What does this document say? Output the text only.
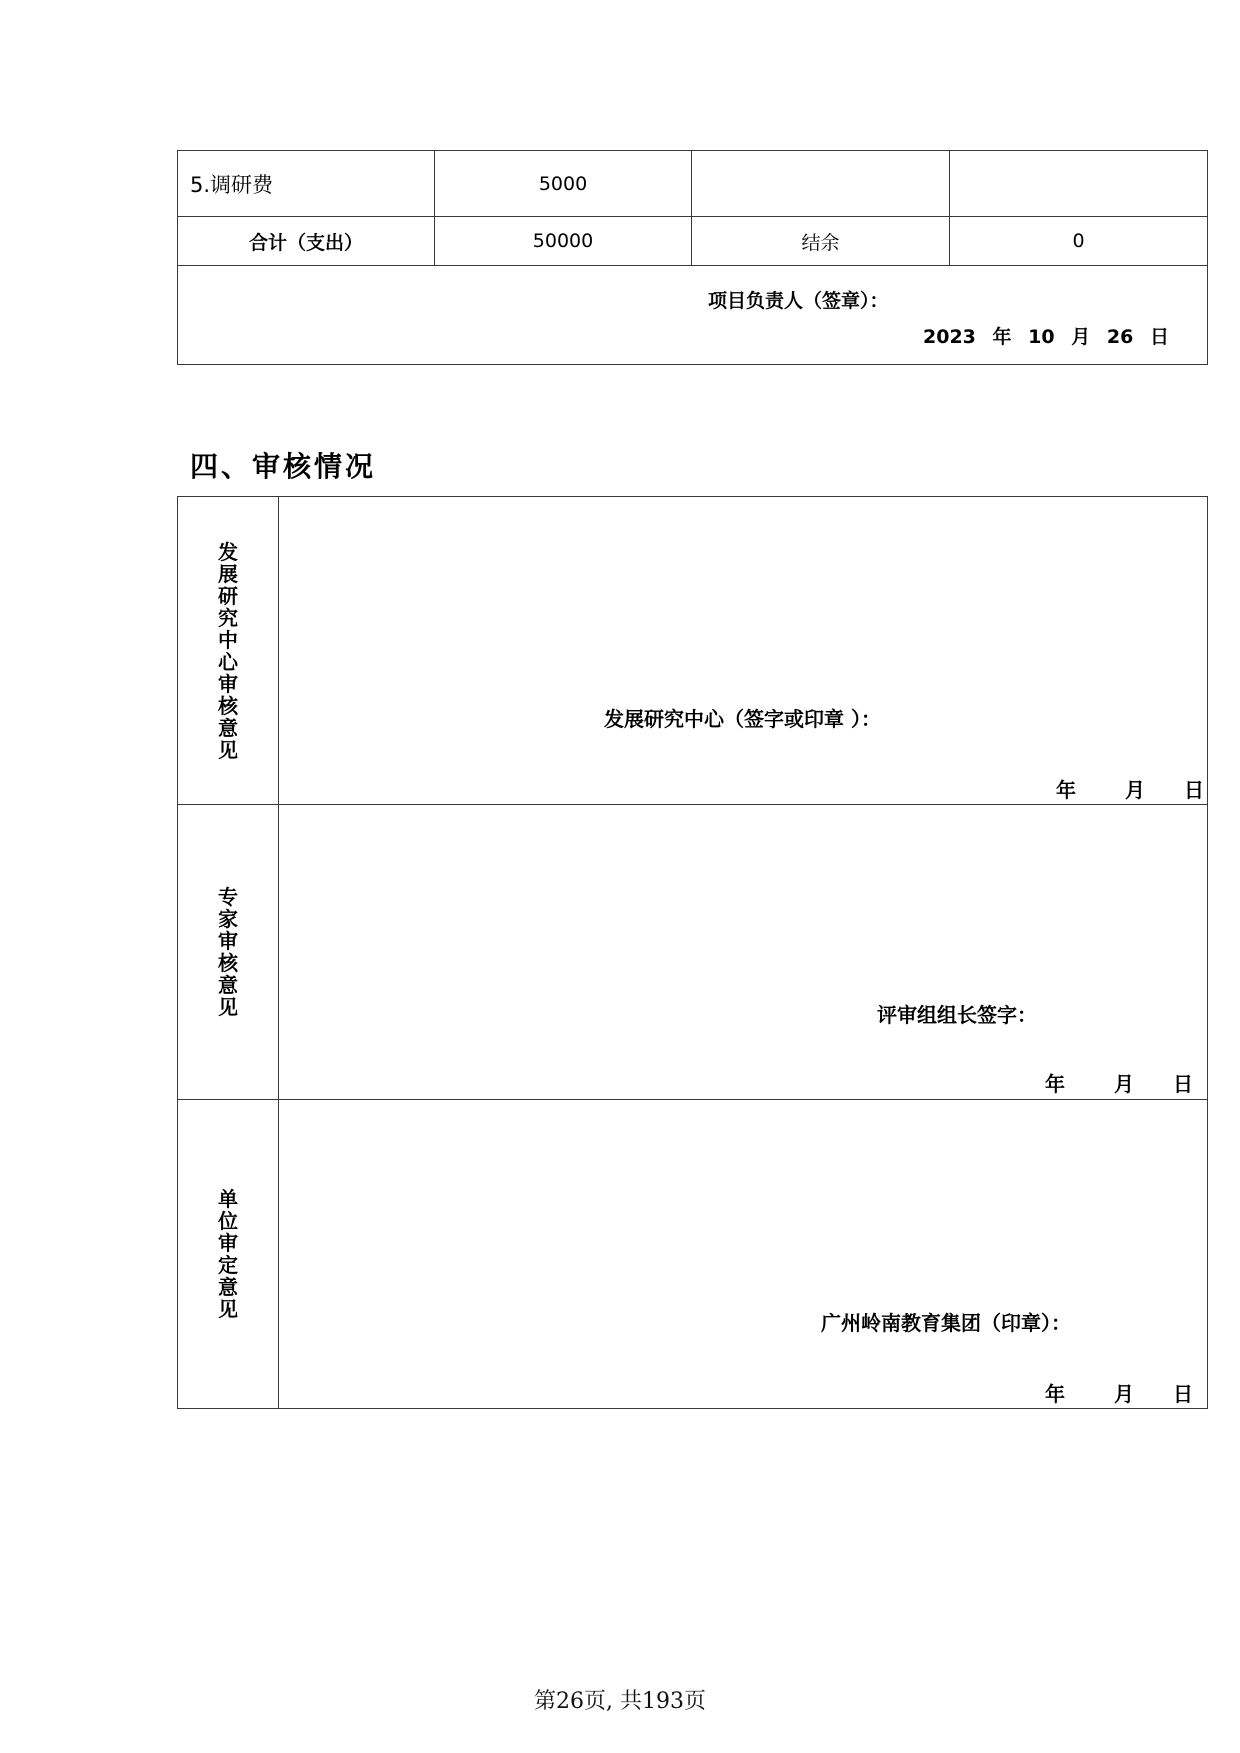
5.调研费	5000		
合计（支出）	50000	结余	0

项目负责人（签章）：
2023 年 10 月 26 日			
四、审核情况
发展研究中心审核意见	发展研究中心（签字或印章 ）：
年 月 日

专家审核意见	评审组组长签字：
年 月 日

单位审定意见	广州岭南教育集团（印章）：
年 月 日
第26页, 共193页
